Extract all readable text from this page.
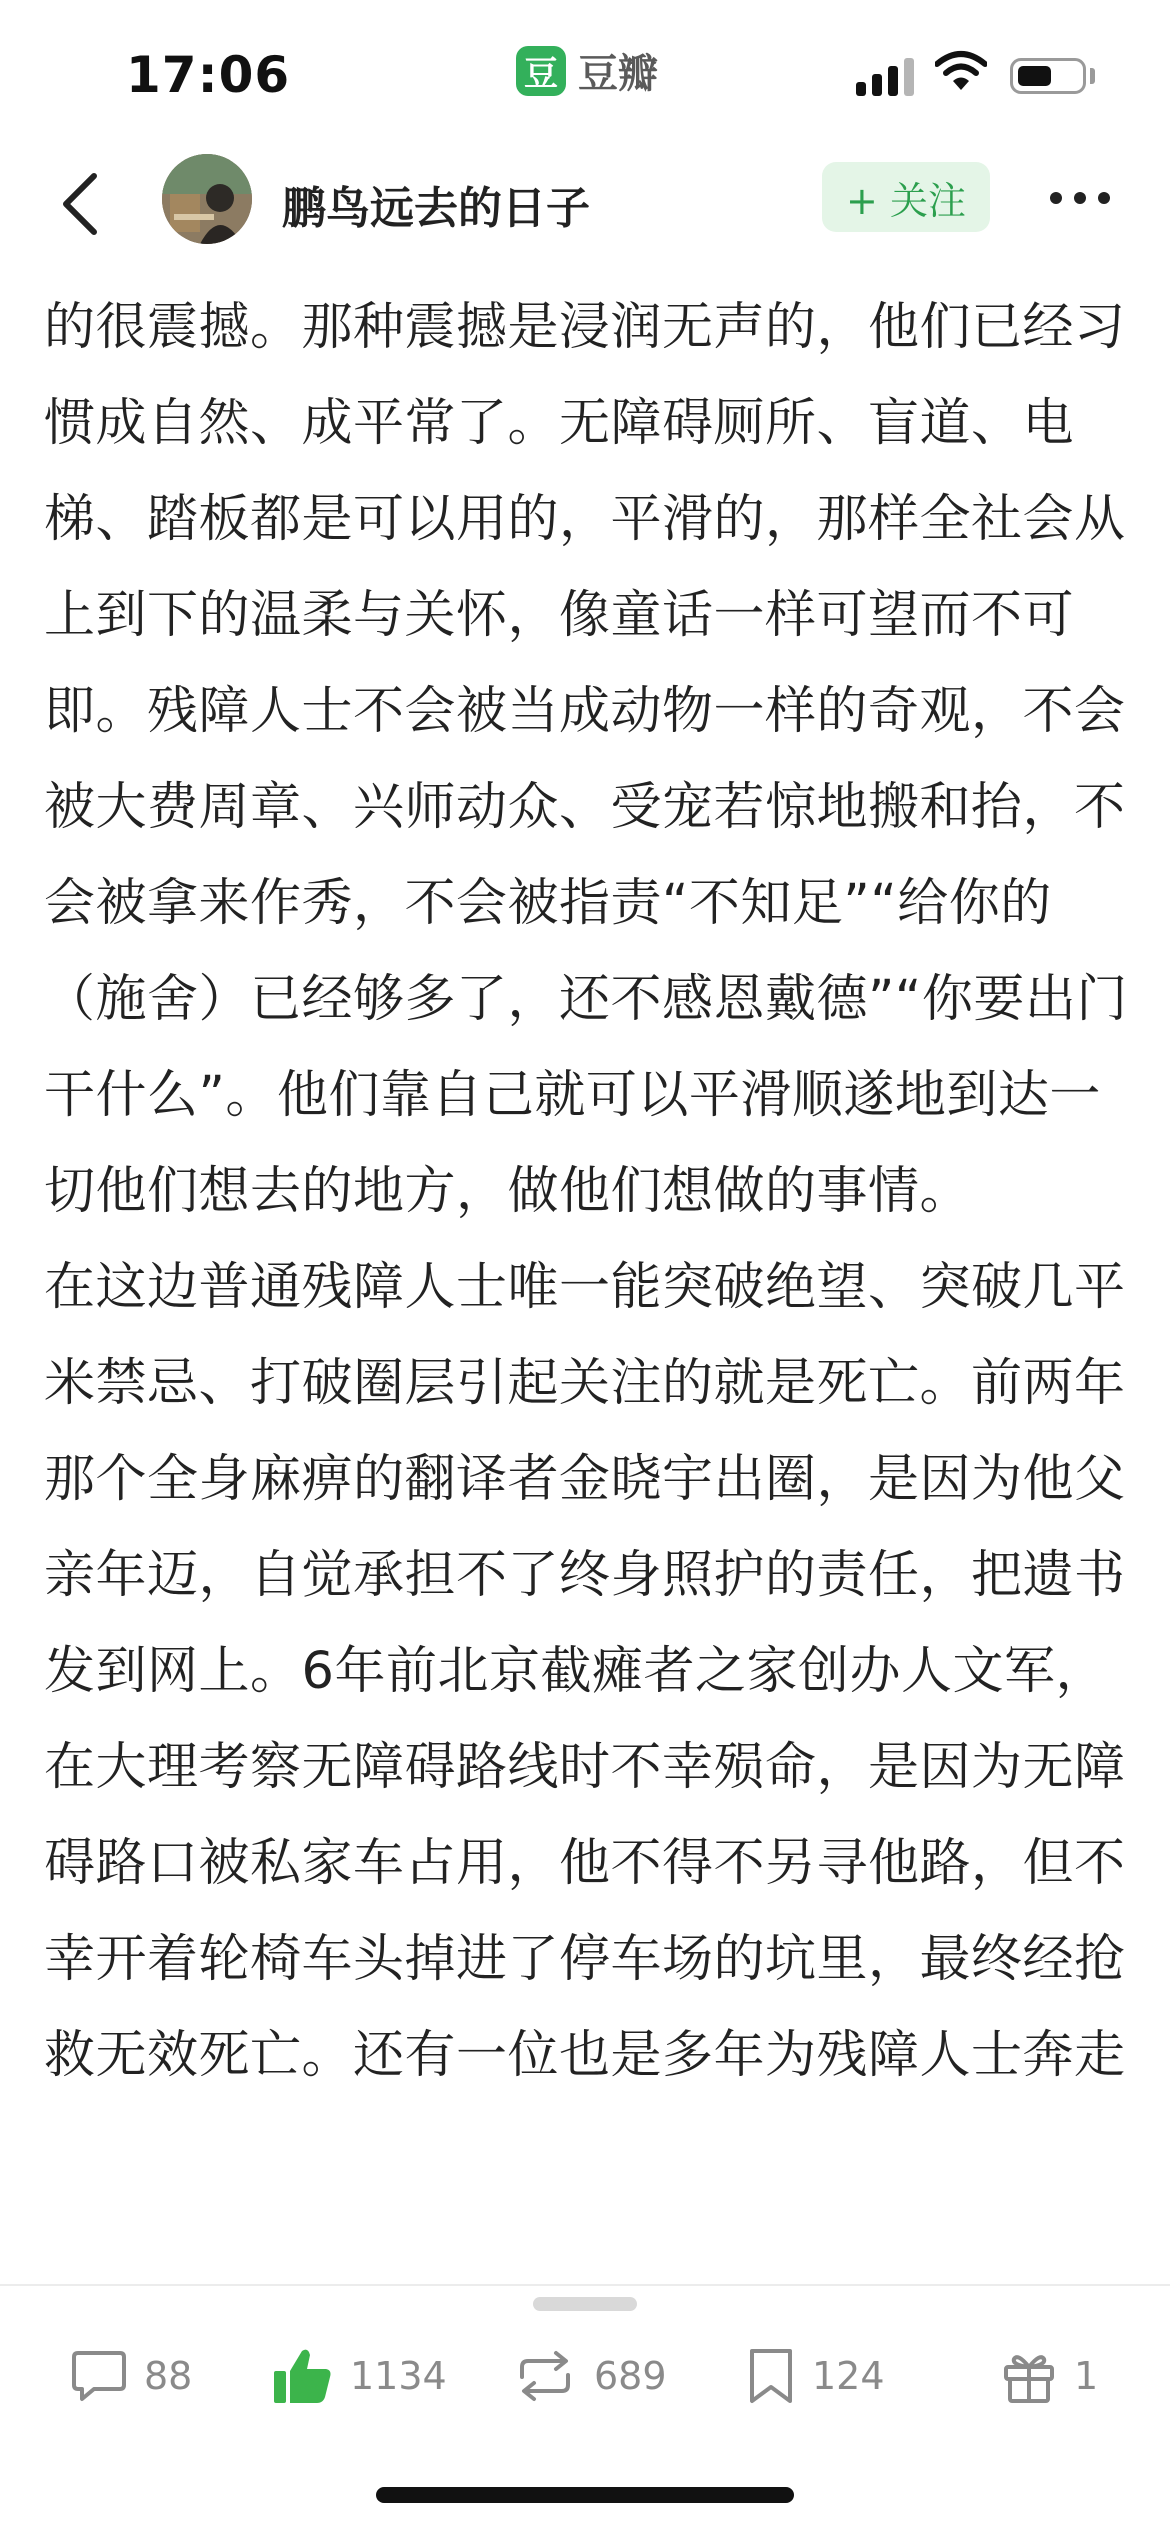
17:06	豆 豆瓣
鹏鸟远去的日子	+ 关注

的很震撼。那种震撼是浸润无声的，他们已经习惯成自然、成平常了。无障碍厕所、盲道、电梯、踏板都是可以用的，平滑的，那样全社会从上到下的温柔与关怀，像童话一样可望而不可即。残障人士不会被当成动物一样的奇观，不会被大费周章、兴师动众、受宠若惊地搬和抬，不会被拿来作秀，不会被指责“不知足”“给你的（施舍）已经够多了，还不感恩戴德”“你要出门干什么”。他们靠自己就可以平滑顺遂地到达一切他们想去的地方，做他们想做的事情。

在这边普通残障人士唯一能突破绝望、突破几平米禁忌、打破圈层引起关注的就是死亡。前两年那个全身麻痹的翻译者金晓宇出圈，是因为他父亲年迈，自觉承担不了终身照护的责任，把遗书发到网上。6年前北京截瘫者之家创办人文军，在大理考察无障碍路线时不幸殒命，是因为无障碍路口被私家车占用，他不得不另寻他路，但不幸开着轮椅车头掉进了停车场的坑里，最终经抢救无效死亡。还有一位也是多年为残障人士奔走

88	1134	689	124	1
